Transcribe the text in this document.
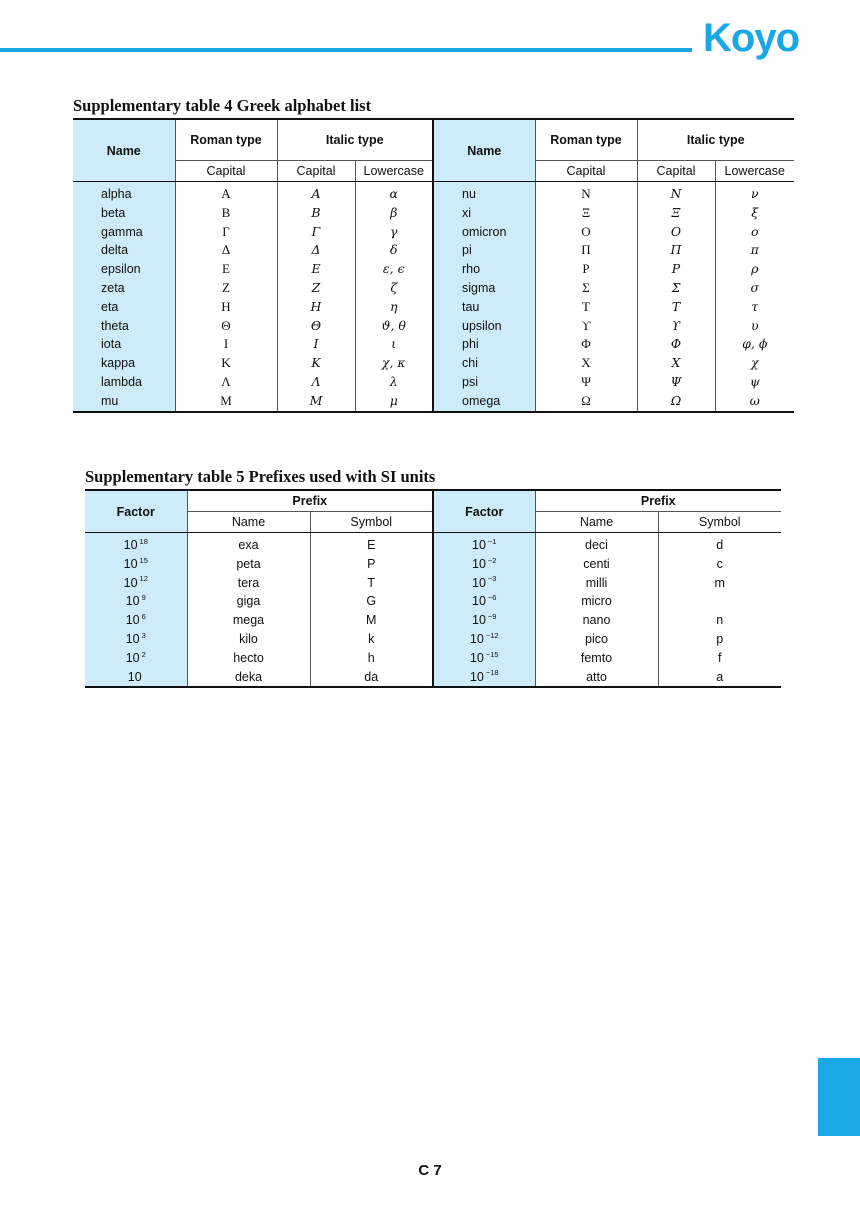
Koyo
Supplementary table 4 Greek alphabet list
Name	Roman type	Italic type		Name	Roman type	Italic type	
	Capital	Capital	Lowercase		Capital	Capital	Lowercase
alpha	Α	Α	α	nu	Ν	Ν	ν
beta	Β	Β	β	xi	Ξ	Ξ	ξ
gamma	Γ	Γ	γ	omicron	Ο	Ο	ο
delta	Δ	Δ	δ	pi	Π	Π	π
epsilon	Ε	Ε	ε, ϵ	rho	Ρ	Ρ	ρ
zeta	Ζ	Ζ	ζ	sigma	Σ	Σ	σ
eta	Η	Η	η	tau	Τ	Τ	τ
theta	Θ	Θ	ϑ, θ	upsilon	ϒ	ϒ	υ
iota	Ι	Ι	ι	phi	Φ	Φ	φ, ϕ
kappa	Κ	Κ	χ, κ	chi	Χ	Χ	χ
lambda	Λ	Λ	λ	psi	Ψ	Ψ	ψ
mu	Μ	Μ	μ	omega	Ω	Ω	ω
Supplementary table 5 Prefixes used with SI units
Factor	Prefix		Factor	Prefix	
	Name	Symbol		Name	Symbol
10 $^{18}$	exa	E	10 $^{-1}$	deci	d
10 $^{15}$	peta	P	10 $^{-2}$	centi	c
10 $^{12}$	tera	T	10 $^{-3}$	milli	m
10 $^9$	giga	G	10 $^{-6}$	micro	
10 $^6$	mega	M	10 $^{-9}$	nano	n
10 $^3$	kilo	k	10 $^{-12}$	pico	p
10 $^2$	hecto	h	10 $^{-15}$	femto	f
10	deka	da	10 $^{-18}$	atto	a
C 7
